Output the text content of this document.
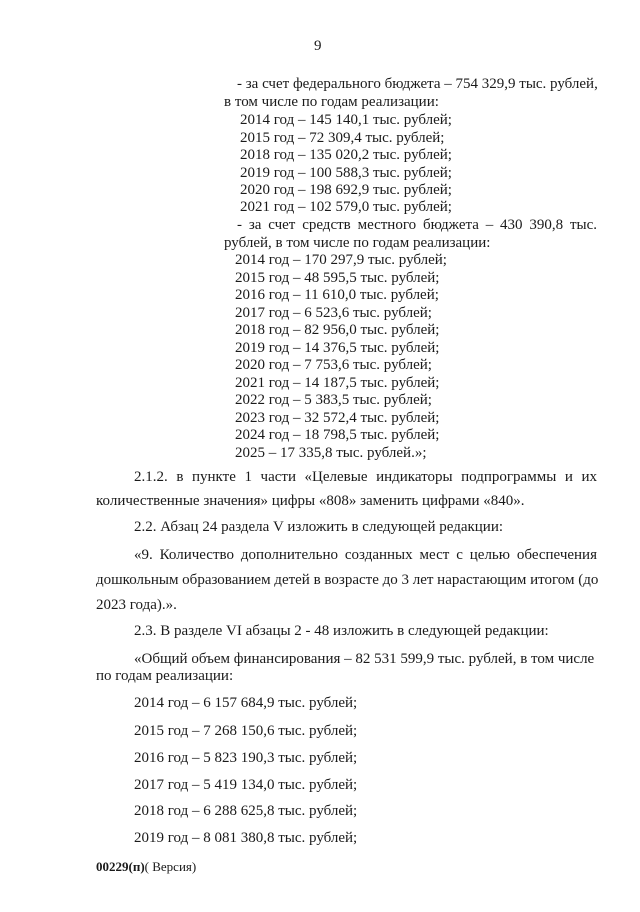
9
- за счет федерального бюджета – 754 329,9 тыс. рублей,
в том числе по годам реализации:
2014 год – 145 140,1 тыс. рублей;
2015 год – 72 309,4 тыс. рублей;
2018 год – 135 020,2 тыс. рублей;
2019 год – 100 588,3 тыс. рублей;
2020 год – 198 692,9 тыс. рублей;
2021 год – 102 579,0 тыс. рублей;
- за счет средств местного бюджета – 430 390,8 тыс.
рублей, в том числе по годам реализации:
2014 год – 170 297,9 тыс. рублей;
2015 год – 48 595,5 тыс. рублей;
2016 год – 11 610,0 тыс. рублей;
2017 год – 6 523,6 тыс. рублей;
2018 год – 82 956,0 тыс. рублей;
2019 год – 14 376,5 тыс. рублей;
2020 год – 7 753,6 тыс. рублей;
2021 год – 14 187,5 тыс. рублей;
2022 год – 5 383,5 тыс. рублей;
2023 год – 32 572,4 тыс. рублей;
2024 год – 18 798,5 тыс. рублей;
2025 – 17 335,8 тыс. рублей.»;
2.1.2. в пункте 1 части «Целевые индикаторы подпрограммы и их
количественные значения» цифры «808» заменить цифрами «840».
2.2. Абзац 24 раздела V изложить в следующей редакции:
«9. Количество дополнительно созданных мест с целью обеспечения
дошкольным образованием детей в возрасте до 3 лет нарастающим итогом (до
2023 года).».
2.3. В разделе VI абзацы 2 - 48 изложить в следующей редакции:
«Общий объем финансирования – 82 531 599,9 тыс. рублей, в том числе
по годам реализации:
2014 год – 6 157 684,9 тыс. рублей;
2015 год – 7 268 150,6 тыс. рублей;
2016 год – 5 823 190,3 тыс. рублей;
2017 год – 5 419 134,0 тыс. рублей;
2018 год – 6 288 625,8 тыс. рублей;
2019 год – 8 081 380,8 тыс. рублей;
00229(п)( Версия)
